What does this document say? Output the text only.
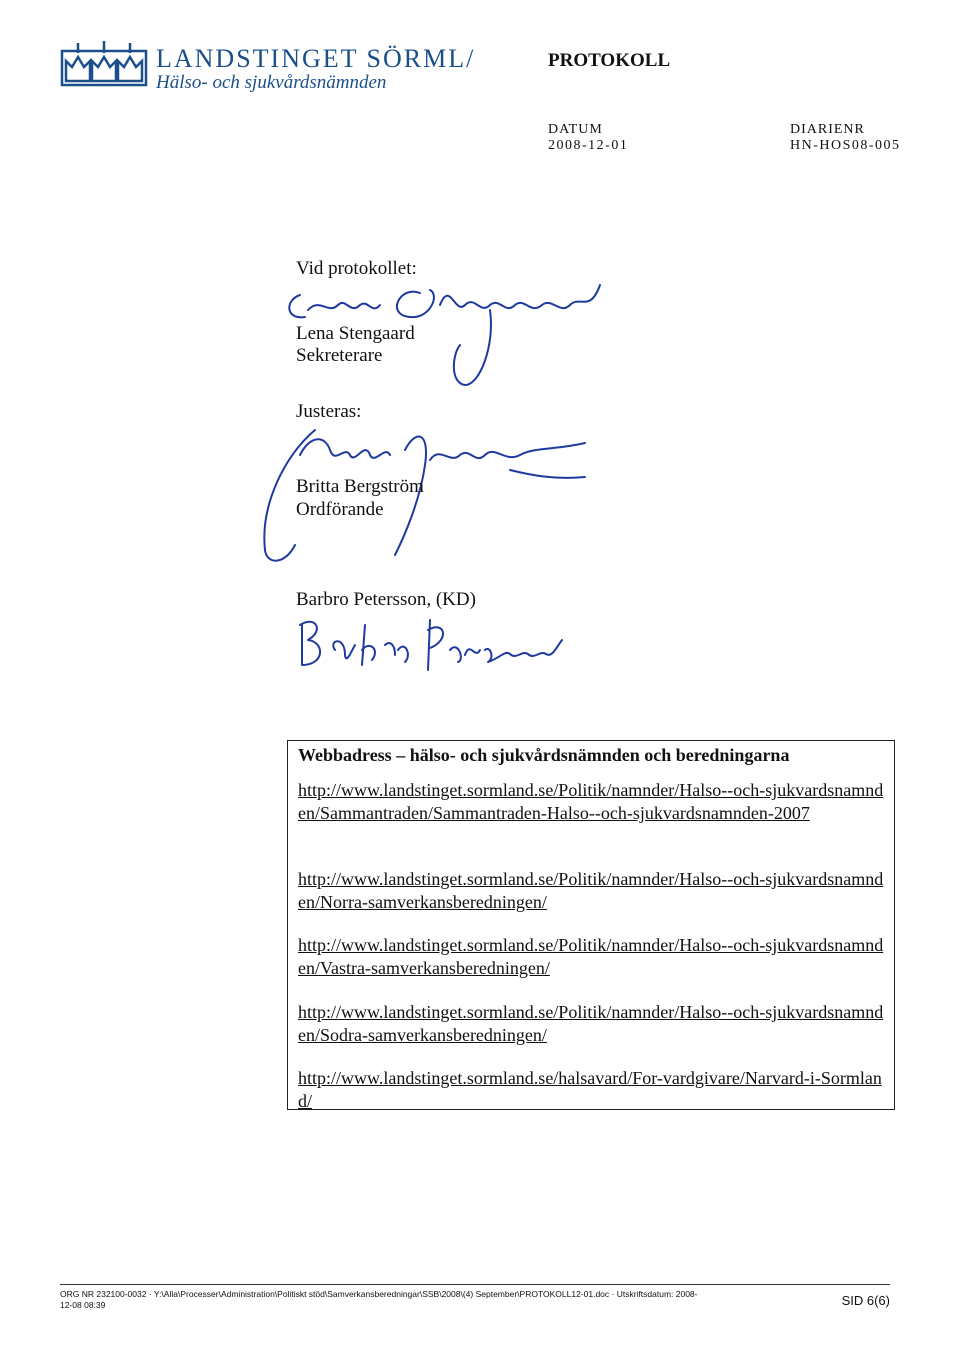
LANDSTINGET SÖRML/
Hälso- och sjukvårdsnämnden
PROTOKOLL
DATUM
2008-12-01
DIARIENR
HN-HOS08-005
Vid protokollet:
Lena Stengaard
Sekreterare
Justeras:
Britta Bergström
Ordförande
Barbro Petersson, (KD)
Webbadress – hälso- och sjukvårdsnämnden och beredningarna
http://www.landstinget.sormland.se/Politik/namnder/Halso--och-sjukvardsnamnden/Sammantraden/Sammantraden-Halso--och-sjukvardsnamnden-2007
http://www.landstinget.sormland.se/Politik/namnder/Halso--och-sjukvardsnamnden/Norra-samverkansberedningen/
http://www.landstinget.sormland.se/Politik/namnder/Halso--och-sjukvardsnamnden/Vastra-samverkansberedningen/
http://www.landstinget.sormland.se/Politik/namnder/Halso--och-sjukvardsnamnden/Sodra-samverkansberedningen/
http://www.landstinget.sormland.se/halsavard/For-vardgivare/Narvard-i-Sormland/
ORG NR 232100-0032 · Y:\Alla\Processer\Administration\Politiskt stöd\Samverkansberedningar\SSB\2008\(4) September\PROTOKOLL12-01.doc · Utskriftsdatum: 2008-12-08 08:39	SID 6(6)
